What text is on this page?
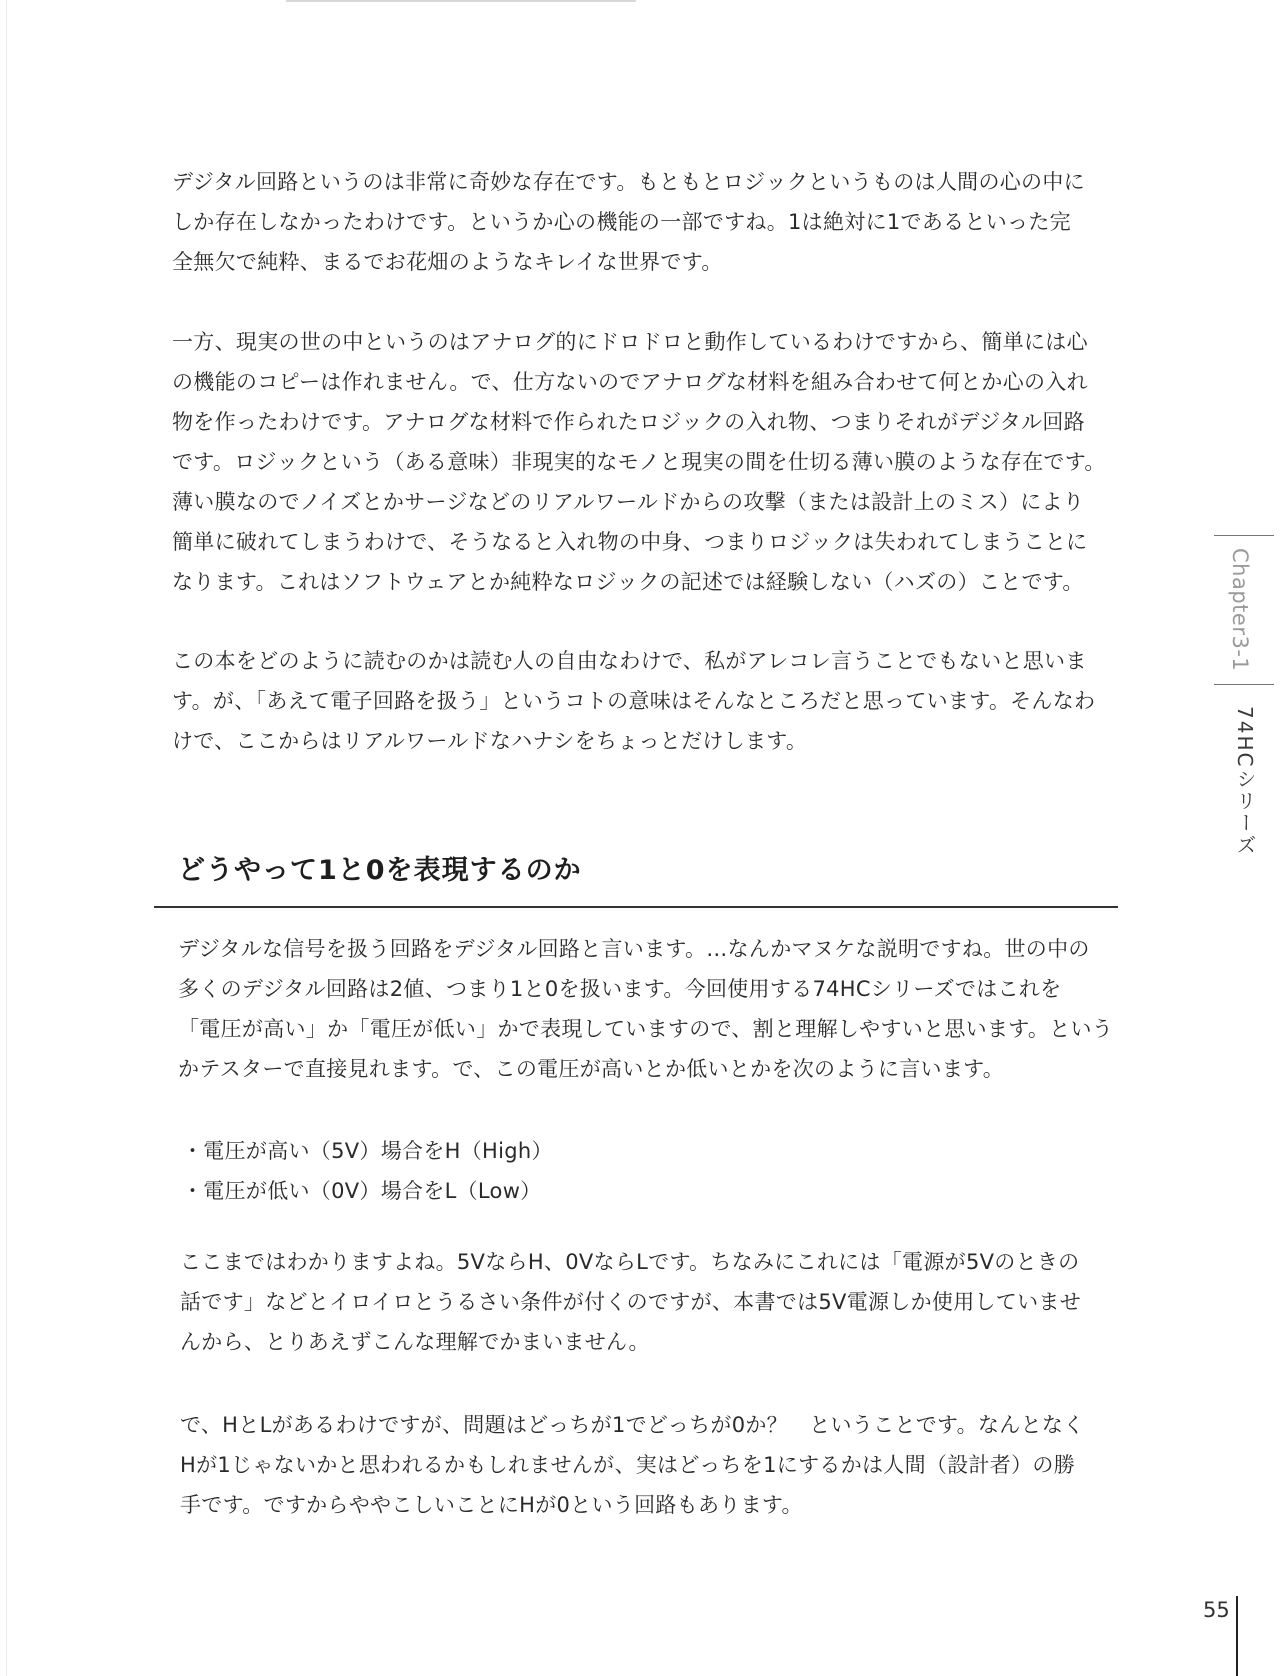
デジタル回路というのは非常に奇妙な存在です。もともとロジックというものは人間の心の中に
しか存在しなかったわけです。というか心の機能の一部ですね。1は絶対に1であるといった完
全無欠で純粋、まるでお花畑のようなキレイな世界です。

一方、現実の世の中というのはアナログ的にドロドロと動作しているわけですから、簡単には心
の機能のコピーは作れません。で、仕方ないのでアナログな材料を組み合わせて何とか心の入れ
物を作ったわけです。アナログな材料で作られたロジックの入れ物、つまりそれがデジタル回路
です。ロジックという（ある意味）非現実的なモノと現実の間を仕切る薄い膜のような存在です。
薄い膜なのでノイズとかサージなどのリアルワールドからの攻撃（または設計上のミス）により
簡単に破れてしまうわけで、そうなると入れ物の中身、つまりロジックは失われてしまうことに
なります。これはソフトウェアとか純粋なロジックの記述では経験しない（ハズの）ことです。

この本をどのように読むのかは読む人の自由なわけで、私がアレコレ言うことでもないと思いま
す。が、「あえて電子回路を扱う」というコトの意味はそんなところだと思っています。そんなわ
けで、ここからはリアルワールドなハナシをちょっとだけします。

どうやって1と0を表現するのか

デジタルな信号を扱う回路をデジタル回路と言います。…なんかマヌケな説明ですね。世の中の
多くのデジタル回路は2値、つまり1と0を扱います。今回使用する74HCシリーズではこれを
「電圧が高い」か「電圧が低い」かで表現していますので、割と理解しやすいと思います。という
かテスターで直接見れます。で、この電圧が高いとか低いとかを次のように言います。

・電圧が高い（5V）場合をH（High）
・電圧が低い（0V）場合をL（Low）

ここまではわかりますよね。5VならH、0VならLです。ちなみにこれには「電源が5Vのときの
話です」などとイロイロとうるさい条件が付くのですが、本書では5V電源しか使用していませ
んから、とりあえずこんな理解でかまいません。

で、HとLがあるわけですが、問題はどっちが1でどっちが0か？　ということです。なんとなく
Hが1じゃないかと思われるかもしれませんが、実はどっちを1にするかは人間（設計者）の勝
手です。ですからややこしいことにHが0という回路もあります。

Chapter3-1
74HCシリーズ
55
